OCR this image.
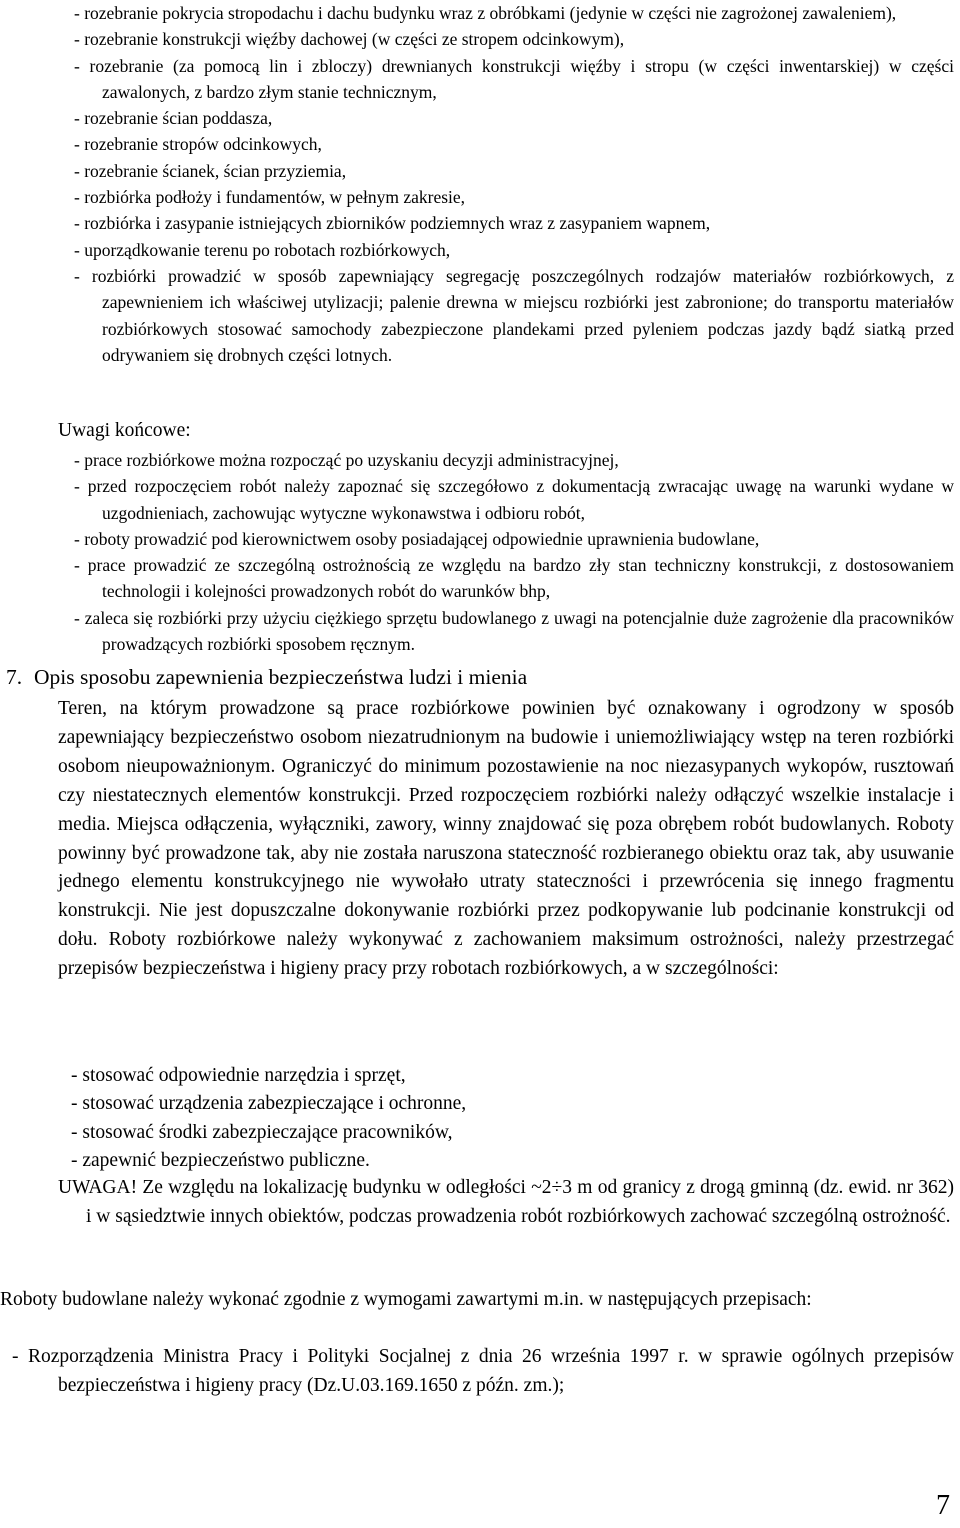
- rozebranie pokrycia stropodachu i dachu budynku wraz z obróbkami (jedynie w części nie zagrożonej zawaleniem),
- rozebranie konstrukcji więźby dachowej (w części ze stropem odcinkowym),
- rozebranie (za pomocą lin i zbloczy) drewnianych konstrukcji więźby i stropu (w części inwentarskiej) w części zawalonych, z bardzo złym stanie technicznym,
- rozebranie ścian poddasza,
- rozebranie stropów odcinkowych,
- rozebranie ścianek, ścian przyziemia,
- rozbiórka podłoży i fundamentów, w pełnym zakresie,
- rozbiórka i zasypanie istniejących zbiorników podziemnych wraz z zasypaniem wapnem,
- uporządkowanie terenu po robotach rozbiórkowych,
- rozbiórki prowadzić w sposób zapewniający segregację poszczególnych rodzajów materiałów rozbiórkowych, z zapewnieniem ich właściwej utylizacji; palenie drewna w miejscu rozbiórki jest zabronione; do transportu materiałów rozbiórkowych stosować samochody zabezpieczone plandekami przed pyleniem podczas jazdy bądź siatką przed odrywaniem się drobnych części lotnych.
Uwagi końcowe:
- prace rozbiórkowe można rozpocząć po uzyskaniu decyzji administracyjnej,
- przed rozpoczęciem robót należy zapoznać się szczegółowo z dokumentacją zwracając uwagę na warunki wydane w uzgodnieniach, zachowując wytyczne wykonawstwa i odbioru robót,
- roboty prowadzić pod kierownictwem osoby posiadającej odpowiednie uprawnienia budowlane,
- prace prowadzić ze szczególną ostrożnością ze względu na bardzo zły stan techniczny konstrukcji, z dostosowaniem technologii i kolejności prowadzonych robót do warunków bhp,
- zaleca się rozbiórki przy użyciu ciężkiego sprzętu budowlanego z uwagi na potencjalnie duże zagrożenie dla pracowników prowadzących rozbiórki sposobem ręcznym.
7. Opis sposobu zapewnienia bezpieczeństwa ludzi i mienia
Teren, na którym prowadzone są prace rozbiórkowe powinien być oznakowany i ogrodzony w sposób zapewniający bezpieczeństwo osobom niezatrudnionym na budowie i uniemożliwiający wstęp na teren rozbiórki osobom nieupoważnionym. Ograniczyć do minimum pozostawienie na noc niezasypanych wykopów, rusztowań czy niestatecznych elementów konstrukcji. Przed rozpoczęciem rozbiórki należy odłączyć wszelkie instalacje i media. Miejsca odłączenia, wyłączniki, zawory, winny znajdować się poza obrębem robót budowlanych. Roboty powinny być prowadzone tak, aby nie została naruszona stateczność rozbieranego obiektu oraz tak, aby usuwanie jednego elementu konstrukcyjnego nie wywołało utraty stateczności i przewrócenia się innego fragmentu konstrukcji. Nie jest dopuszczalne dokonywanie rozbiórki przez podkopywanie lub podcinanie konstrukcji od dołu. Roboty rozbiórkowe należy wykonywać z zachowaniem maksimum ostrożności, należy przestrzegać przepisów bezpieczeństwa i higieny pracy przy robotach rozbiórkowych, a w szczególności:
- stosować odpowiednie narzędzia i sprzęt,
- stosować urządzenia zabezpieczające i ochronne,
- stosować środki zabezpieczające pracowników,
- zapewnić bezpieczeństwo publiczne.
UWAGA! Ze względu na lokalizację budynku w odległości ~2÷3 m od granicy z drogą gminną (dz. ewid. nr 362) i w sąsiedztwie innych obiektów, podczas prowadzenia robót rozbiórkowych zachować szczególną ostrożność.
Roboty budowlane należy wykonać zgodnie z wymogami zawartymi m.in. w następujących przepisach:
- Rozporządzenia Ministra Pracy i Polityki Socjalnej z dnia 26 września 1997 r. w sprawie ogólnych przepisów bezpieczeństwa i higieny pracy (Dz.U.03.169.1650 z późn. zm.);
7
